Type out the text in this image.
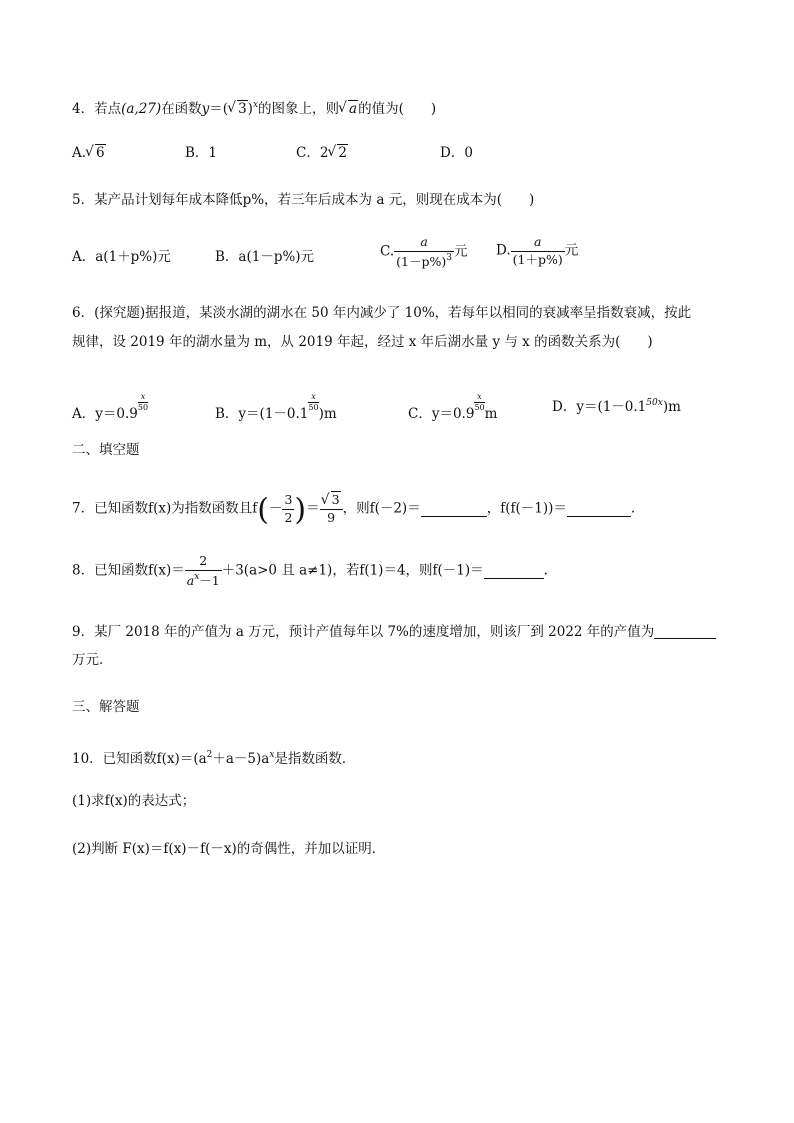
4．若点(a,27)在函数y＝( √ 3)$^x$的图象上，则 √ a的值为(　　)
A. √ 6	B．1	C．2 √ 2	D．0
5．某产品计划每年成本降低p%，若三年后成本为 a 元，则现在成本为(　　)
A．a(1＋p%)元	B．a(1－p%)元	C. $\frac{a}{(1-p\%)^3}$ 元 D. $\frac{a}{(1+p\%)}$ 元
6．(探究题)据报道，某淡水湖的湖水在 50 年内减少了 10%，若每年以相同的衰减率呈指数衰减，按此
规律，设 2019 年的湖水量为 m，从 2019 年起，经过 x 年后湖水量 y 与 x 的函数关系为(　　)
A．y＝0.9
$\frac{x}{50}$
B．y＝(1－0.1
$\frac{x}{50}$
)m	C．y＝0.9
$\frac{x}{50}$
m	D．$y=(1-0.1^{50x})m$
二、填空题
7．已知函数f(x)为指数函数且$f(- \frac{3}{2}$ )＝ √ $\frac{3}{9}$ ，则f(－2)＝	，f(f(－1))＝	.
8．已知函数$f(x)= \frac{2}{a^x-1} +3(a>0$ 且 a≠1)，若f(1)＝4，则f(－1)＝	.
9．某厂 2018 年的产值为 a 万元，预计产值每年以 7%的速度增加，则该厂到 2022 年的产值为
万元．
三、解答题
10．已知函数$f(x)=(a^2+a-5)a^x$是指数函数．
(1)求f(x)的表达式；
(2)判断 F(x)＝f(x)－f(－x)的奇偶性，并加以证明．
